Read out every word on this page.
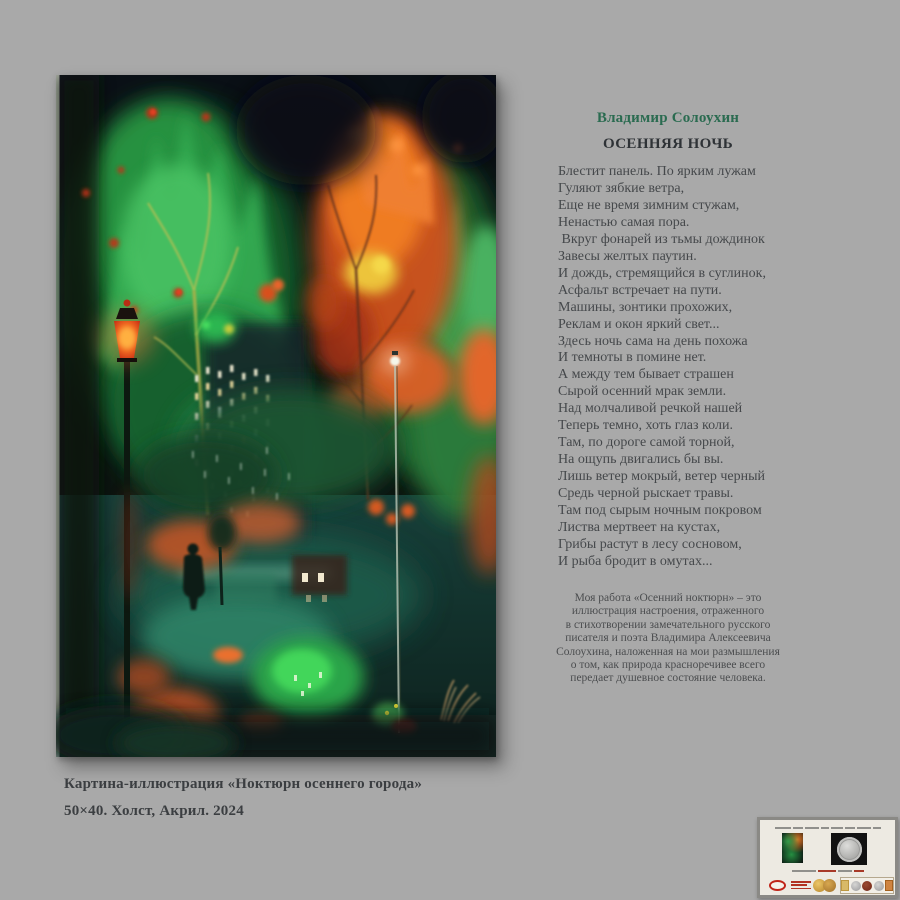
Владимир Солоухин
ОСЕННЯЯ НОЧЬ
Блестит панель. По ярким лужам
Гуляют зябкие ветра,
Еще не время зимним стужам,
Ненастью самая пора.
Вкруг фонарей из тьмы дождинок
Завесы желтых паутин.
И дождь, стремящийся в суглинок,
Асфальт встречает на пути.
Машины, зонтики прохожих,
Реклам и окон яркий свет...
Здесь ночь сама на день похожа
И темноты в помине нет.
А между тем бывает страшен
Сырой осенний мрак земли.
Над молчаливой речкой нашей
Теперь темно, хоть глаз коли.
Там, по дороге самой торной,
На ощупь двигались бы вы.
Лишь ветер мокрый, ветер черный
Средь черной рыскает травы.
Там под сырым ночным покровом
Листва мертвеет на кустах,
Грибы растут в лесу сосновом,
И рыба бродит в омутах...
Моя работа «Осенний ноктюрн» – это
иллюстрация настроения, отраженного
в стихотворении замечательного русского
писателя и поэта Владимира Алексеевича
Солоухина, наложенная на мои размышления
о том, как природа красноречивее всего
передает душевное состояние человека.
Картина-иллюстрация «Ноктюрн осеннего города»
50×40. Холст, Акрил. 2024
